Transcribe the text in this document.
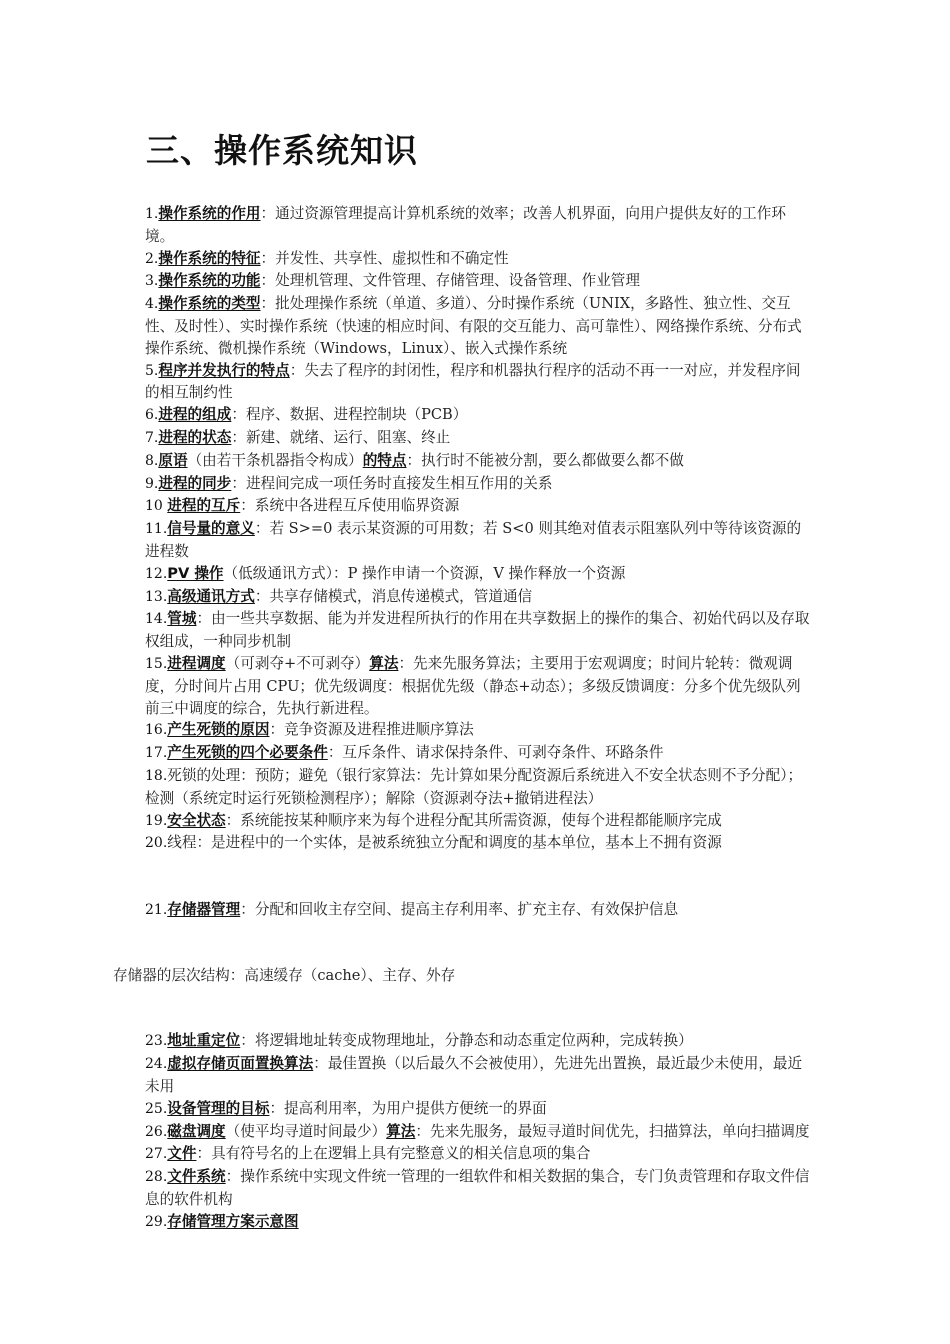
三、操作系统知识

1.操作系统的作用：通过资源管理提高计算机系统的效率；改善人机界面，向用户提供友好的工作环境。

2.操作系统的特征：并发性、共享性、虚拟性和不确定性

3.操作系统的功能：处理机管理、文件管理、存储管理、设备管理、作业管理

4.操作系统的类型：批处理操作系统（单道、多道）、分时操作系统（UNIX，多路性、独立性、交互性、及时性）、实时操作系统（快速的相应时间、有限的交互能力、高可靠性）、网络操作系统、分布式操作系统、微机操作系统（Windows，Linux）、嵌入式操作系统

5.程序并发执行的特点：失去了程序的封闭性，程序和机器执行程序的活动不再一一对应，并发程序间的相互制约性

6.进程的组成：程序、数据、进程控制块（PCB）

7.进程的状态：新建、就绪、运行、阻塞、终止

8.原语（由若干条机器指令构成）的特点：执行时不能被分割，要么都做要么都不做

9.进程的同步：进程间完成一项任务时直接发生相互作用的关系

10 进程的互斥：系统中各进程互斥使用临界资源

11.信号量的意义：若 S>=0 表示某资源的可用数；若 S<0 则其绝对值表示阻塞队列中等待该资源的进程数

12.PV 操作（低级通讯方式）：P 操作申请一个资源，V 操作释放一个资源

13.高级通讯方式：共享存储模式，消息传递模式，管道通信

14.管城：由一些共享数据、能为并发进程所执行的作用在共享数据上的操作的集合、初始代码以及存取权组成，一种同步机制

15.进程调度（可剥夺+不可剥夺）算法：先来先服务算法；主要用于宏观调度；时间片轮转：微观调度，分时间片占用 CPU；优先级调度：根据优先级（静态+动态）；多级反馈调度：分多个优先级队列前三中调度的综合，先执行新进程。

16.产生死锁的原因：竞争资源及进程推进顺序算法

17.产生死锁的四个必要条件：互斥条件、请求保持条件、可剥夺条件、环路条件

18.死锁的处理：预防；避免（银行家算法：先计算如果分配资源后系统进入不安全状态则不予分配）；检测（系统定时运行死锁检测程序）；解除（资源剥夺法+撤销进程法）

19.安全状态：系统能按某种顺序来为每个进程分配其所需资源，使每个进程都能顺序完成

20.线程：是进程中的一个实体，是被系统独立分配和调度的基本单位，基本上不拥有资源

21.存储器管理：分配和回收主存空间、提高主存利用率、扩充主存、有效保护信息

存储器的层次结构：高速缓存（cache）、主存、外存

23.地址重定位：将逻辑地址转变成物理地址，分静态和动态重定位两种，完成转换）

24.虚拟存储页面置换算法：最佳置换（以后最久不会被使用），先进先出置换，最近最少未使用，最近未用

25.设备管理的目标：提高利用率，为用户提供方便统一的界面

26.磁盘调度（使平均寻道时间最少）算法：先来先服务，最短寻道时间优先，扫描算法，单向扫描调度

27.文件：具有符号名的上在逻辑上具有完整意义的相关信息项的集合

28.文件系统：操作系统中实现文件统一管理的一组软件和相关数据的集合，专门负责管理和存取文件信息的软件机构

29.存储管理方案示意图
